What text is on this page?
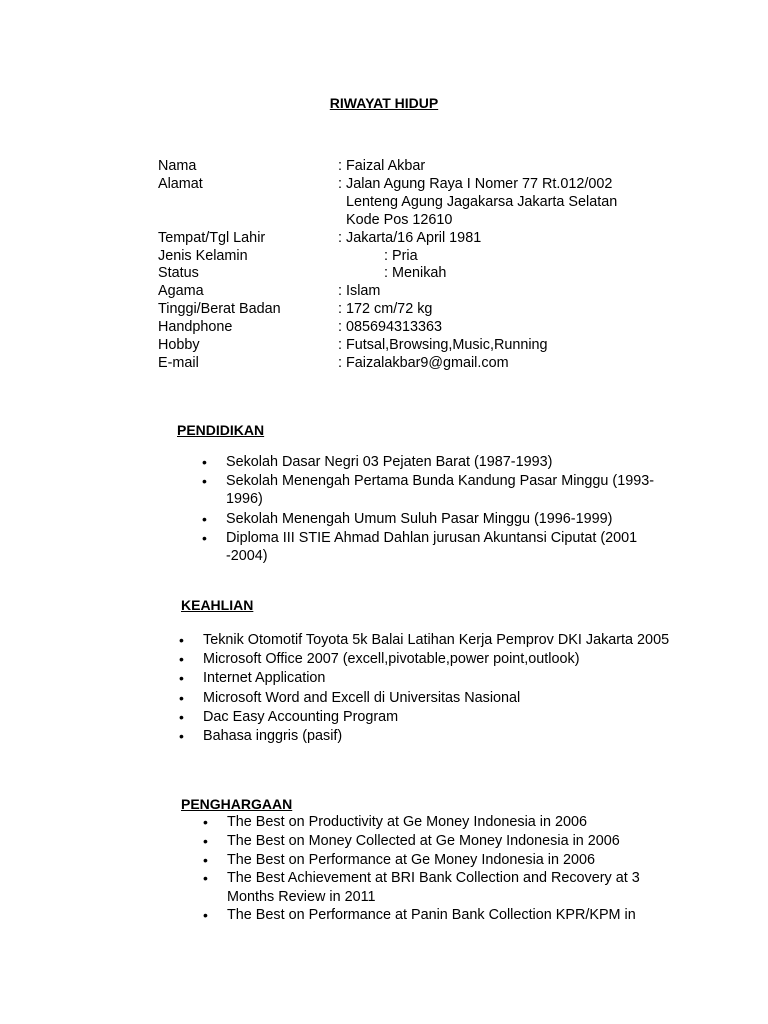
RIWAYAT HIDUP
Nama	: Faizal Akbar
Alamat	: Jalan Agung Raya I Nomer 77 Rt.012/002
Lenteng Agung Jagakarsa Jakarta Selatan
Kode Pos 12610
Tempat/Tgl Lahir	: Jakarta/16 April 1981
Jenis Kelamin	: Pria
Status	: Menikah
Agama	: Islam
Tinggi/Berat Badan	: 172 cm/72 kg
Handphone	: 085694313363
Hobby	: Futsal,Browsing,Music,Running
E-mail	: Faizalakbar9@gmail.com
PENDIDIKAN
• Sekolah Dasar Negri 03 Pejaten Barat (1987-1993)
• Sekolah Menengah Pertama Bunda Kandung Pasar Minggu (1993-1996)
• Sekolah Menengah Umum Suluh Pasar Minggu (1996-1999)
• Diploma III STIE Ahmad Dahlan jurusan Akuntansi Ciputat (2001 -2004)
KEAHLIAN
• Teknik Otomotif Toyota 5k Balai Latihan Kerja Pemprov DKI Jakarta 2005
• Microsoft Office 2007 (excell,pivotable,power point,outlook)
• Internet Application
• Microsoft Word and Excell di Universitas Nasional
• Dac Easy Accounting Program
• Bahasa inggris (pasif)
PENGHARGAAN
• The Best on Productivity at Ge Money Indonesia in 2006
• The Best on Money Collected at Ge Money Indonesia in 2006
• The Best on Performance at Ge Money Indonesia in 2006
• The Best Achievement at BRI Bank Collection and Recovery at 3 Months Review in 2011
• The Best on Performance at Panin Bank Collection KPR/KPM in
